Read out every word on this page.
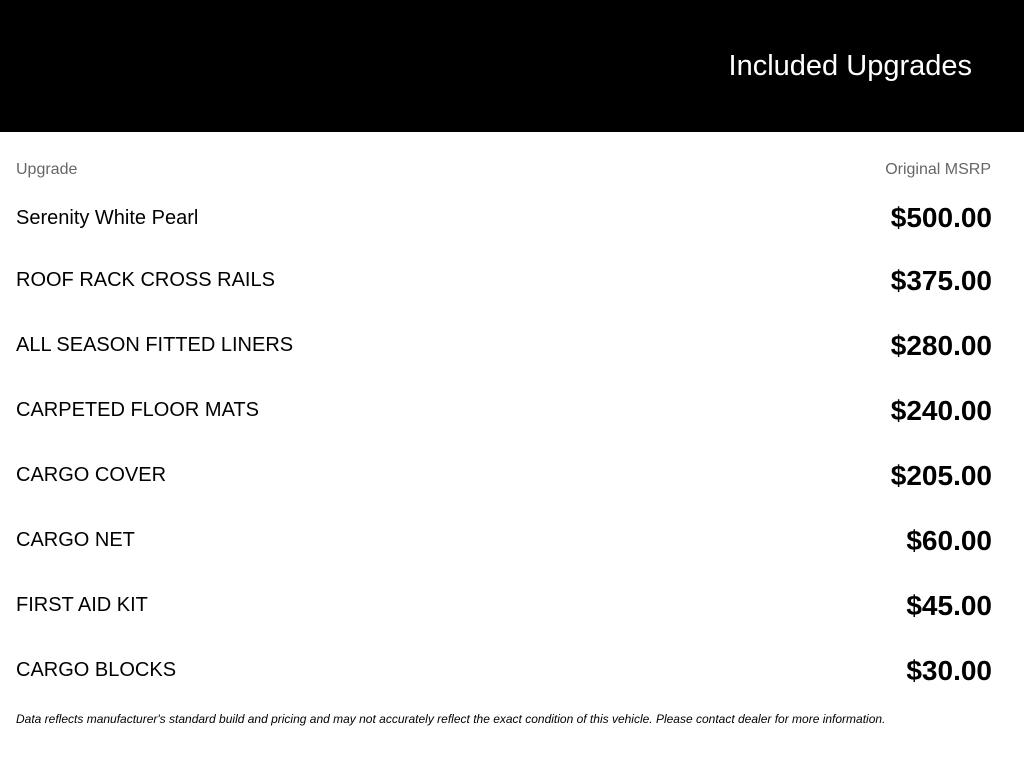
Included Upgrades
Upgrade	Original MSRP
Serenity White Pearl	$500.00
ROOF RACK CROSS RAILS	$375.00
ALL SEASON FITTED LINERS	$280.00
CARPETED FLOOR MATS	$240.00
CARGO COVER	$205.00
CARGO NET	$60.00
FIRST AID KIT	$45.00
CARGO BLOCKS	$30.00
Data reflects manufacturer's standard build and pricing and may not accurately reflect the exact condition of this vehicle. Please contact dealer for more information.
